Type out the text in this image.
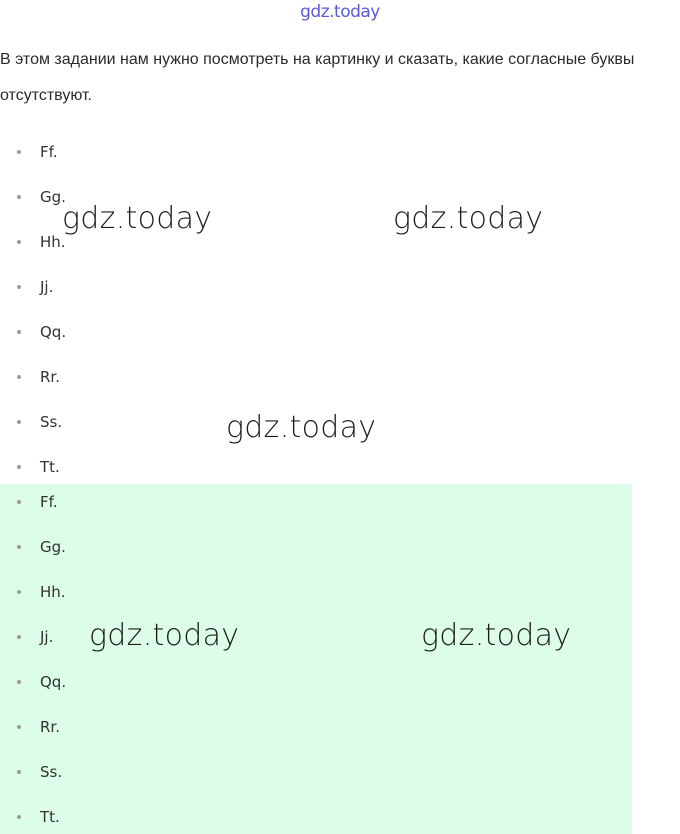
gdz.today

В этом задании нам нужно посмотреть на картинку и сказать, какие согласные буквы отсутствуют.

Ff.
Gg.
Hh.
Jj.
Qq.
Rr.
Ss.
Tt.
Ff.
Gg.
Hh.
Jj.
Qq.
Rr.
Ss.
Tt.
gdz.today	gdz.today
gdz.today
gdz.today	gdz.today
